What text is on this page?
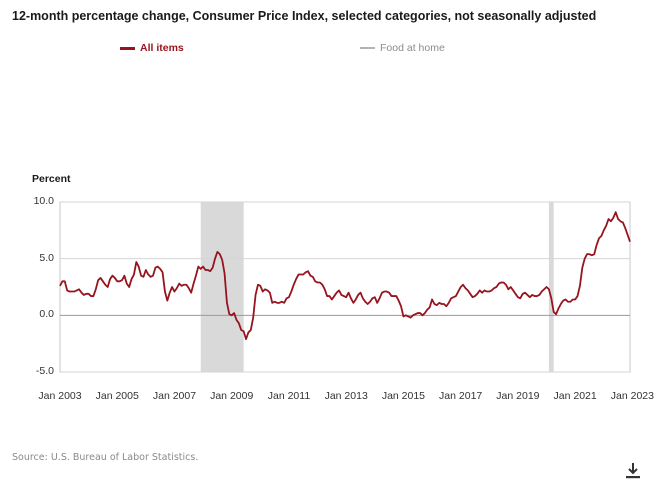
12-month percentage change, Consumer Price Index, selected categories, not seasonally adjusted
All items	Food at home
Percent
-5.0
0.0
5.0
10.0
Jan 2003	Jan 2005	Jan 2007	Jan 2009	Jan 2011	Jan 2013	Jan 2015	Jan 2017	Jan 2019	Jan 2021	Jan 2023
Source: U.S. Bureau of Labor Statistics.
